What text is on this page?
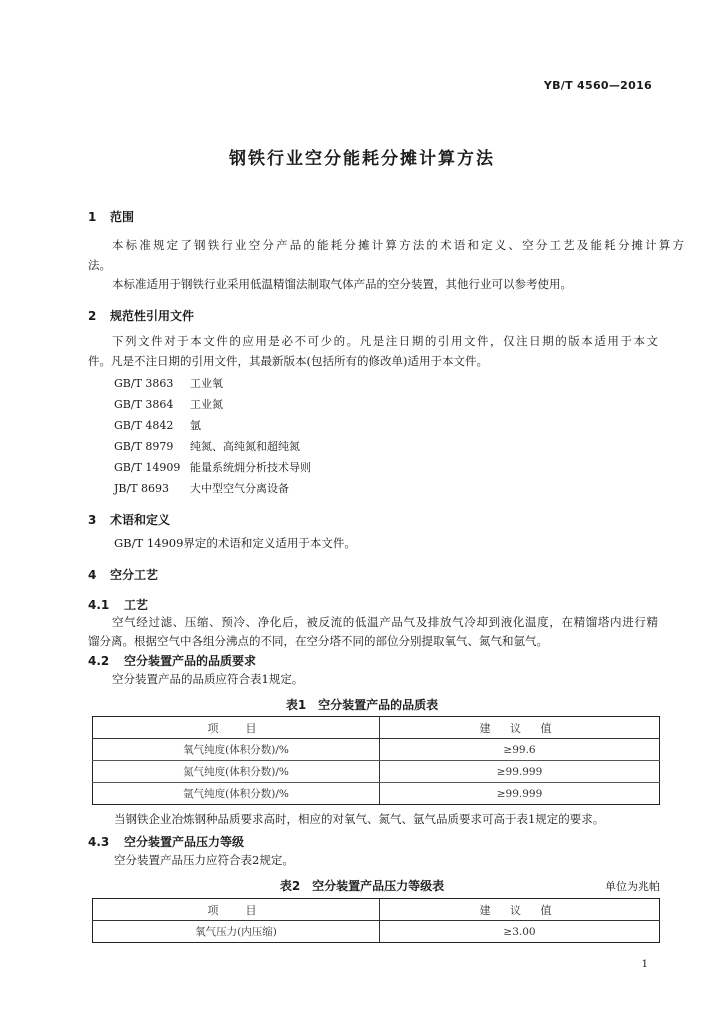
YB/T 4560—2016
钢铁行业空分能耗分摊计算方法
1 范围
本标准规定了钢铁行业空分产品的能耗分摊计算方法的术语和定义、空分工艺及能耗分摊计算方
法。
本标准适用于钢铁行业采用低温精馏法制取气体产品的空分装置，其他行业可以参考使用。
2 规范性引用文件
下列文件对于本文件的应用是必不可少的。凡是注日期的引用文件，仅注日期的版本适用于本文
件。凡是不注日期的引用文件，其最新版本(包括所有的修改单)适用于本文件。
GB/T 3863 工业氧
GB/T 3864 工业氮
GB/T 4842 氩
GB/T 8979 纯氮、高纯氮和超纯氮
GB/T 14909 能量系统㶲分析技术导则
JB/T 8693 大中型空气分离设备
3 术语和定义
GB/T 14909界定的术语和定义适用于本文件。
4 空分工艺
4.1 工艺
空气经过滤、压缩、预冷、净化后，被反流的低温产品气及排放气冷却到液化温度，在精馏塔内进行精
馏分离。根据空气中各组分沸点的不同，在空分塔不同的部位分别提取氧气、氮气和氩气。
4.2 空分装置产品的品质要求
空分装置产品的品质应符合表1规定。
表1　空分装置产品的品质表
项　目	建 议 值
氧气纯度(体积分数)/%	≥99.6
氮气纯度(体积分数)/%	≥99.999
氩气纯度(体积分数)/%	≥99.999
当钢铁企业冶炼钢种品质要求高时，相应的对氧气、氮气、氩气品质要求可高于表1规定的要求。
4.3 空分装置产品压力等级
空分装置产品压力应符合表2规定。
表2　空分装置产品压力等级表	单位为兆帕
项　目	建 议 值
氧气压力(内压缩)	≥3.00
1
